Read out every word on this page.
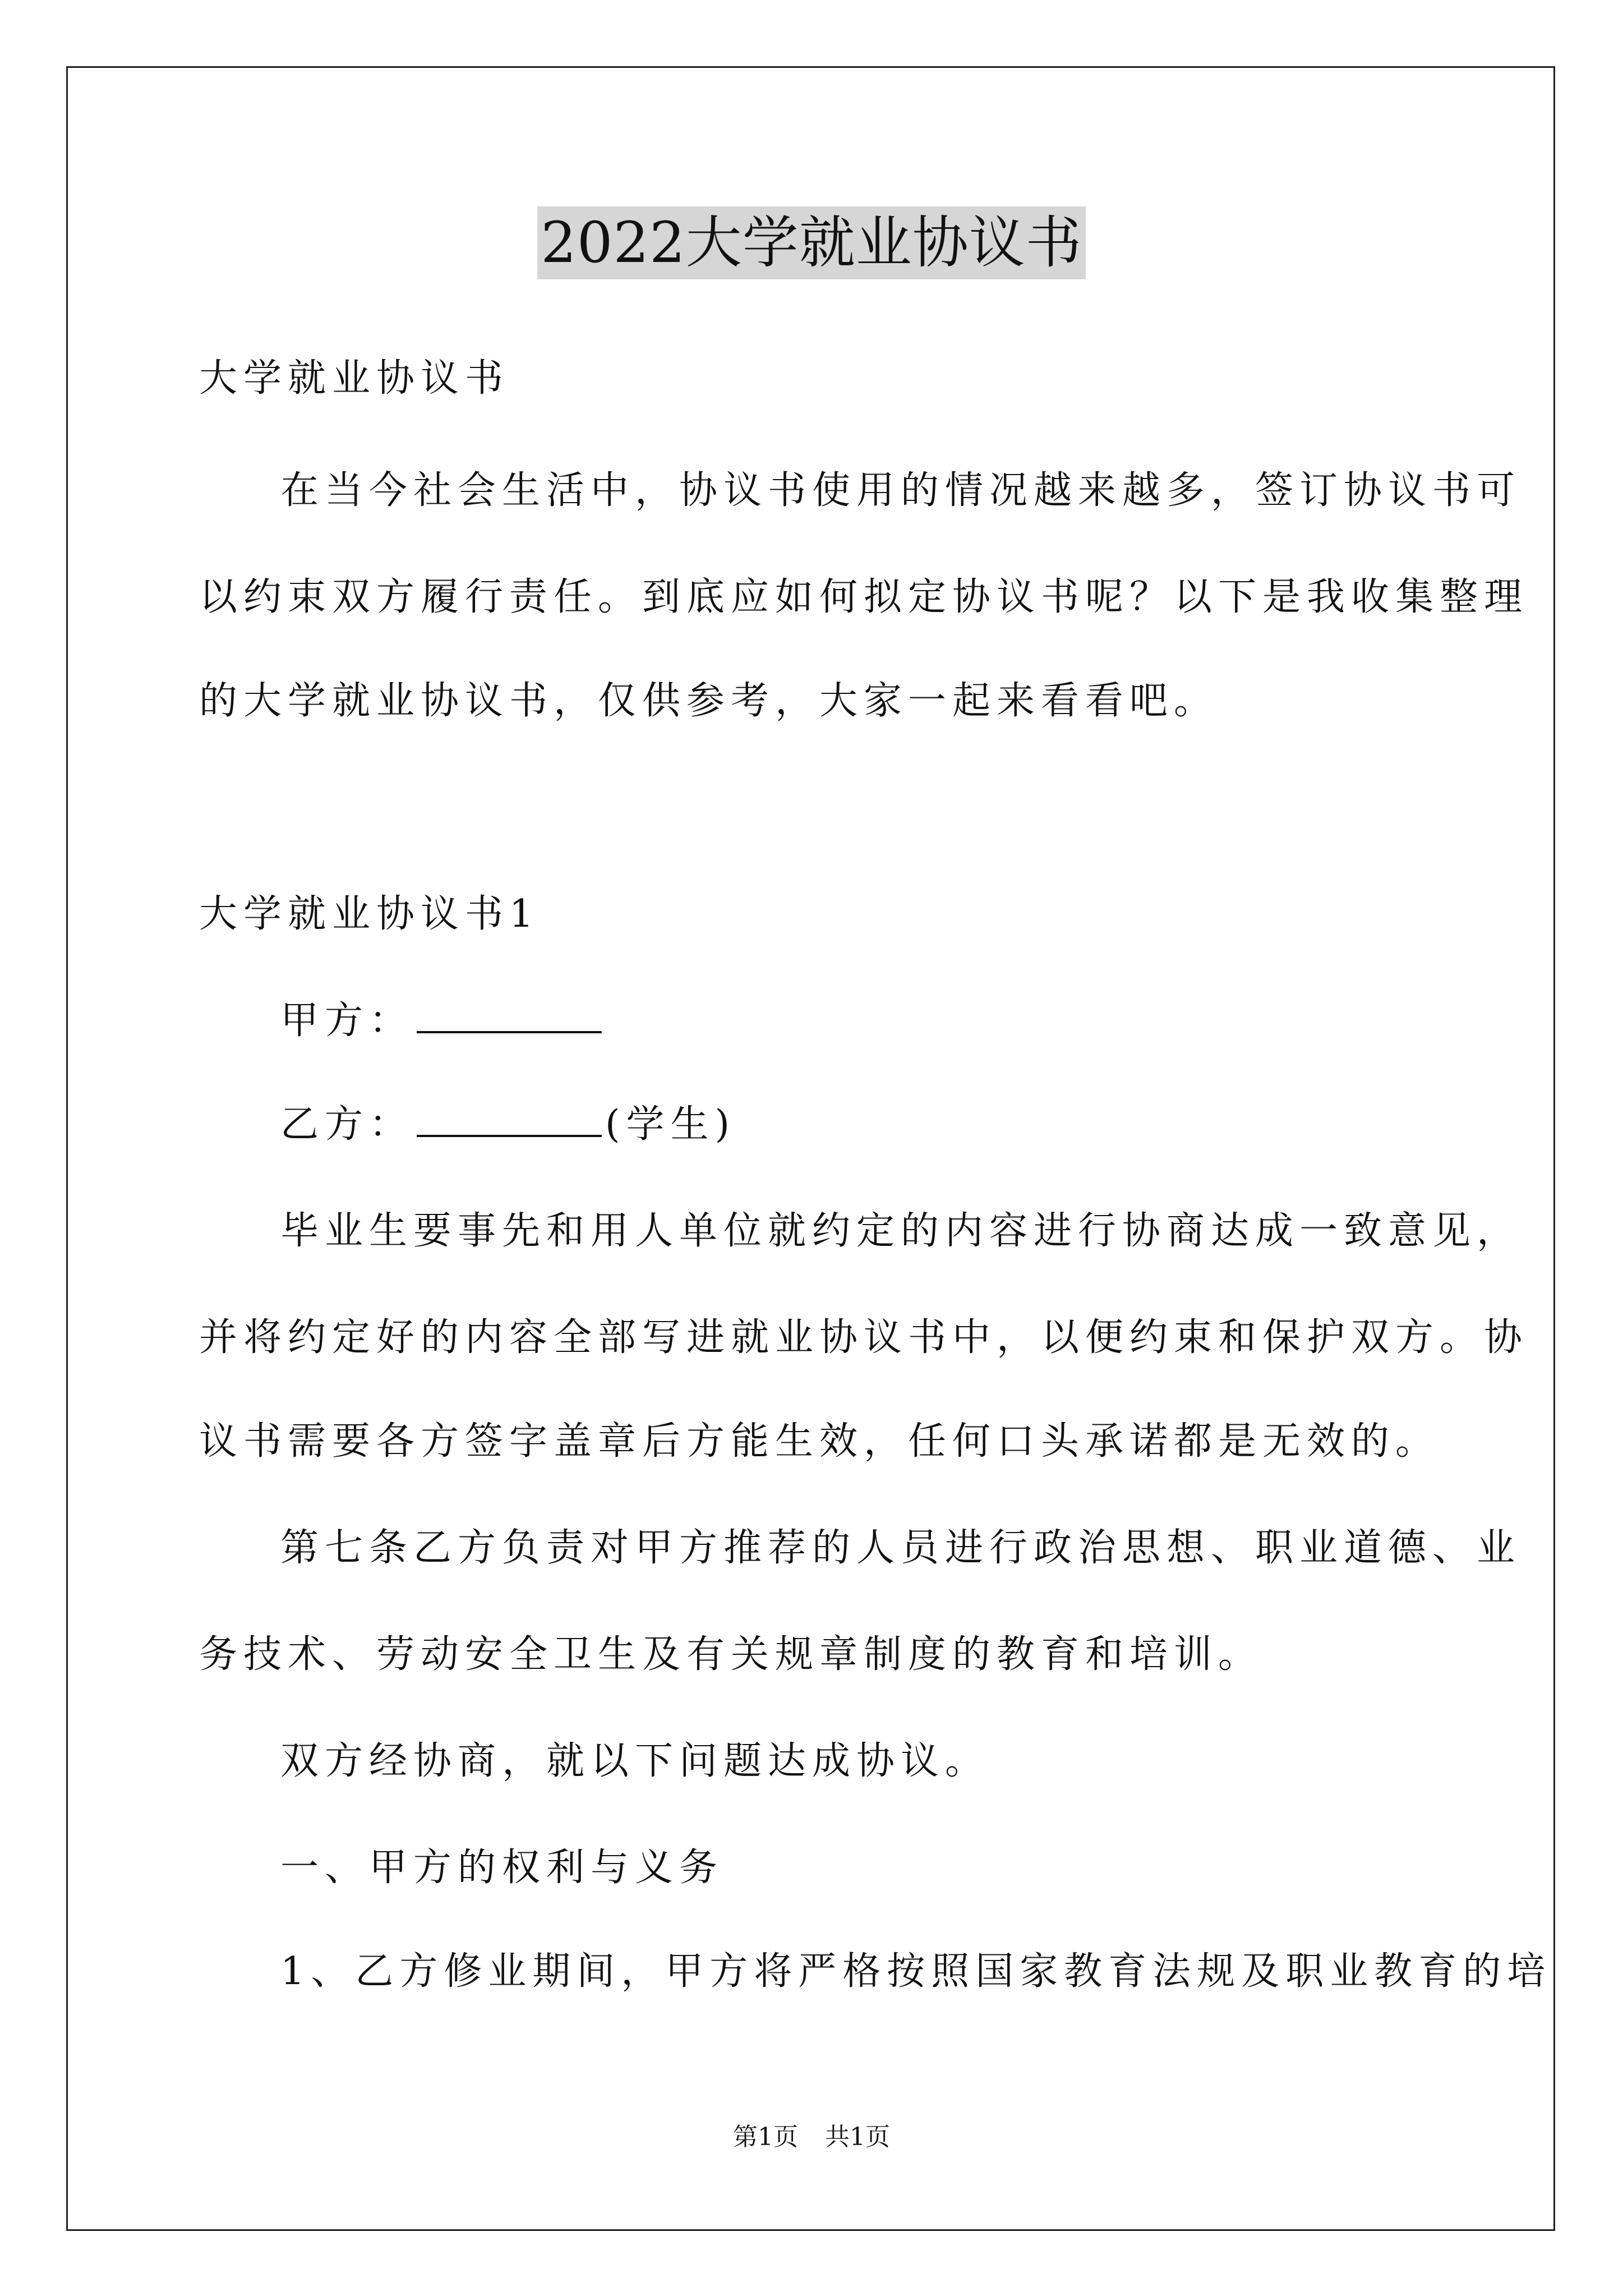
2022大学就业协议书
大学就业协议书
在当今社会生活中，协议书使用的情况越来越多，签订协议书可
以约束双方履行责任。到底应如何拟定协议书呢？以下是我收集整理
的大学就业协议书，仅供参考，大家一起来看看吧。
大学就业协议书1
甲方：
乙方：	(学生)
毕业生要事先和用人单位就约定的内容进行协商达成一致意见，
并将约定好的内容全部写进就业协议书中，以便约束和保护双方。协
议书需要各方签字盖章后方能生效，任何口头承诺都是无效的。
第七条乙方负责对甲方推荐的人员进行政治思想、职业道德、业
务技术、劳动安全卫生及有关规章制度的教育和培训。
双方经协商，就以下问题达成协议。
一、甲方的权利与义务
1、乙方修业期间，甲方将严格按照国家教育法规及职业教育的培
第1页 共1页
